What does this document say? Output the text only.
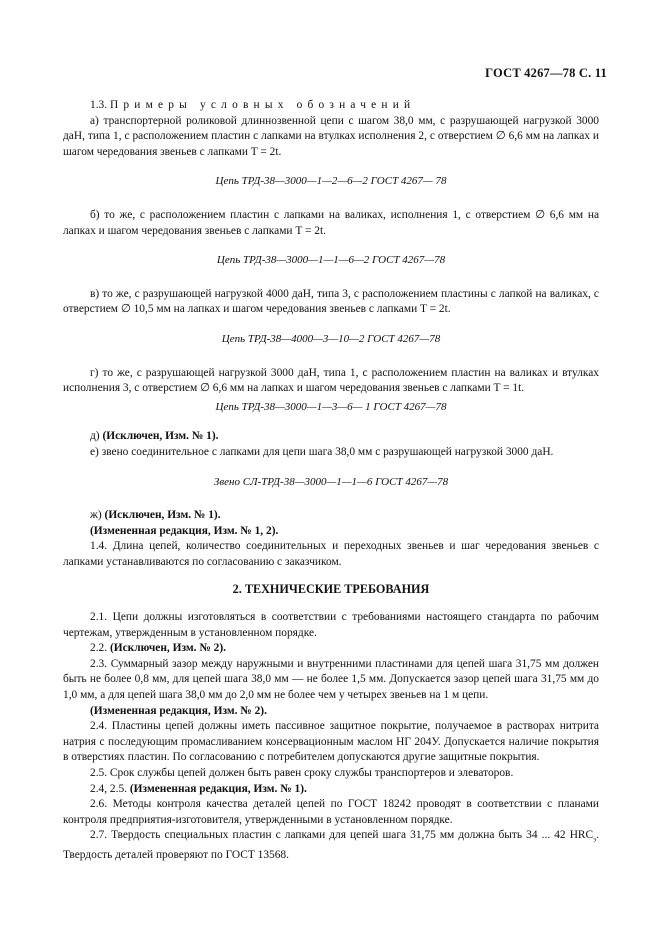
ГОСТ 4267—78 С. 11

1.3. Примеры условных обозначений

а) транспортерной роликовой длиннозвенной цепи с шагом 38,0 мм, с разрушающей нагрузкой 3000 даН, типа 1, с расположением пластин с лапками на втулках исполнения 2, с отверстием ∅ 6,6 мм на лапках и шагом чередования звеньев с лапками T = 2t.

Цепь ТРД-38—3000—1—2—6—2 ГОСТ 4267— 78

б) то же, с расположением пластин с лапками на валиках, исполнения 1, с отверстием ∅ 6,6 мм на лапках и шагом чередования звеньев с лапками T = 2t.

Цепь ТРД-38—3000—1—1—6—2 ГОСТ 4267—78

в) то же, с разрушающей нагрузкой 4000 даН, типа 3, с расположением пластины с лапкой на валиках, с отверстием ∅ 10,5 мм на лапках и шагом чередования звеньев с лапками T = 2t.

Цепь ТРД-38—4000—3—10—2 ГОСТ 4267—78

г) то же, с разрушающей нагрузкой 3000 даН, типа 1, с расположением пластин на валиках и втулках исполнения 3, с отверстием ∅ 6,6 мм на лапках и шагом чередования звеньев с лапками T = 1t.

Цепь ТРД-38—3000—1—3—6— 1 ГОСТ 4267—78

д) (Исключен, Изм. № 1).

е) звено соединительное с лапками для цепи шага 38,0 мм с разрушающей нагрузкой 3000 даН.

Звено СЛ-ТРД-38—3000—1—1—6 ГОСТ 4267—78

ж) (Исключен, Изм. № 1).

(Измененная редакция, Изм. № 1, 2).

1.4. Длина цепей, количество соединительных и переходных звеньев и шаг чередования звеньев с лапками устанавливаются по согласованию с заказчиком.

2. ТЕХНИЧЕСКИЕ ТРЕБОВАНИЯ

2.1. Цепи должны изготовляться в соответствии с требованиями настоящего стандарта по рабочим чертежам, утвержденным в установленном порядке.

2.2. (Исключен, Изм. № 2).

2.3. Суммарный зазор между наружными и внутренними пластинами для цепей шага 31,75 мм должен быть не более 0,8 мм, для цепей шага 38,0 мм — не более 1,5 мм. Допускается зазор цепей шага 31,75 мм до 1,0 мм, а для цепей шага 38,0 мм до 2,0 мм не более чем у четырех звеньев на 1 м цепи.

(Измененная редакция, Изм. № 2).

2.4. Пластины цепей должны иметь пассивное защитное покрытие, получаемое в растворах нитрита натрия с последующим промасливанием консервационным маслом НГ 204У. Допускается наличие покрытия в отверстиях пластин. По согласованию с потребителем допускаются другие защитные покрытия.

2.5. Срок службы цепей должен быть равен сроку службы транспортеров и элеваторов.

2.4, 2.5. (Измененная редакция, Изм. № 1).

2.6. Методы контроля качества деталей цепей по ГОСТ 18242 проводят в соответствии с планами контроля предприятия-изготовителя, утвержденными в установленном порядке.

2.7. Твердость специальных пластин с лапками для цепей шага 31,75 мм должна быть 34 ... 42 $HRC_э$. Твердость деталей проверяют по ГОСТ 13568.
